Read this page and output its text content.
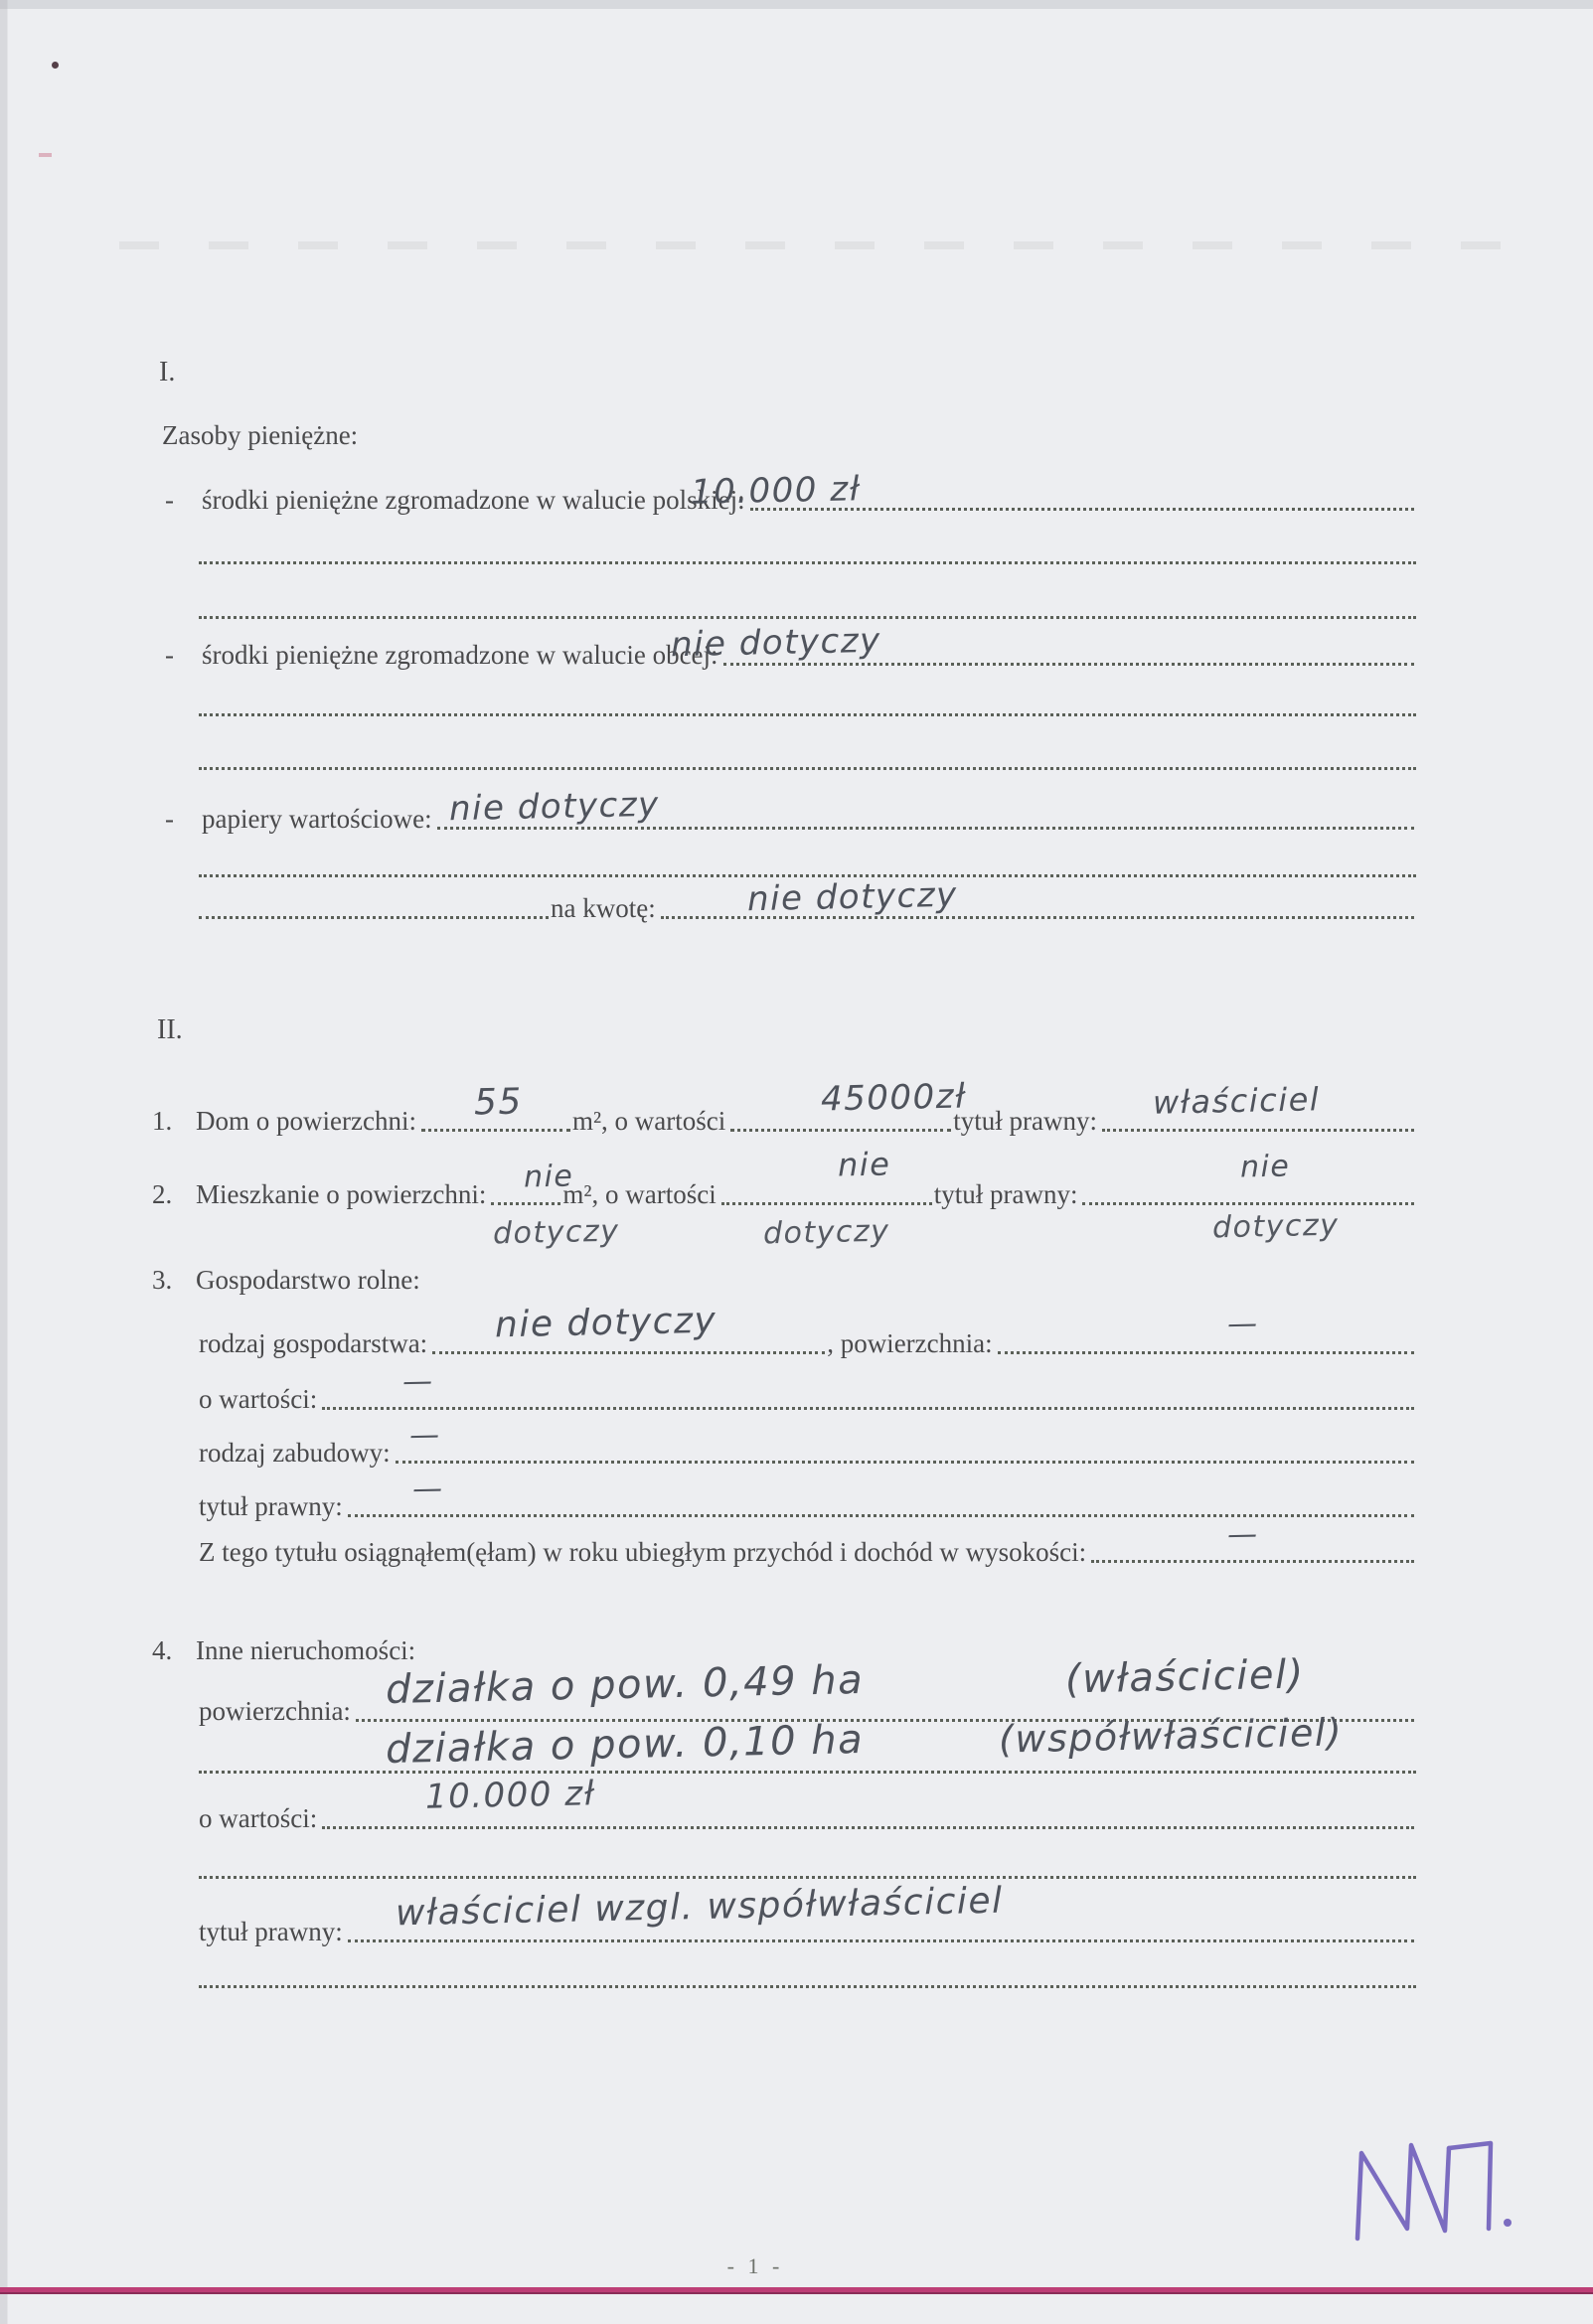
I.
Zasoby pieniężne:
-	środki pieniężne zgromadzone w walucie polskiej:
10.000 zł
-	środki pieniężne zgromadzone w walucie obcej:
nie dotyczy
-	papiery wartościowe: nie dotyczy
na kwotę:	nie dotyczy
II.
1. Dom o powierzchni:	m², o wartości	tytuł prawny:
55	45000zł	właściciel
2. Mieszkanie o powierzchni:	m², o wartości	tytuł prawny:
nie
dotyczy
nie
dotyczy
nie
dotyczy
3. Gospodarstwo rolne:
rodzaj gospodarstwa:	, powierzchnia:
nie dotyczy	—
o wartości:	—
rodzaj zabudowy: —
tytuł prawny: —
Z tego tytułu osiągnąłem(ęłam) w roku ubiegłym przychód i dochód w wysokości:	—
4. Inne nieruchomości:
powierzchnia: działka o pow. 0,49 ha	(właściciel)
działka o pow. 0,10 ha	(współwłaściciel)
o wartości:
10.000 zł
tytuł prawny: właściciel wzgl. współwłaściciel
- 1 -
